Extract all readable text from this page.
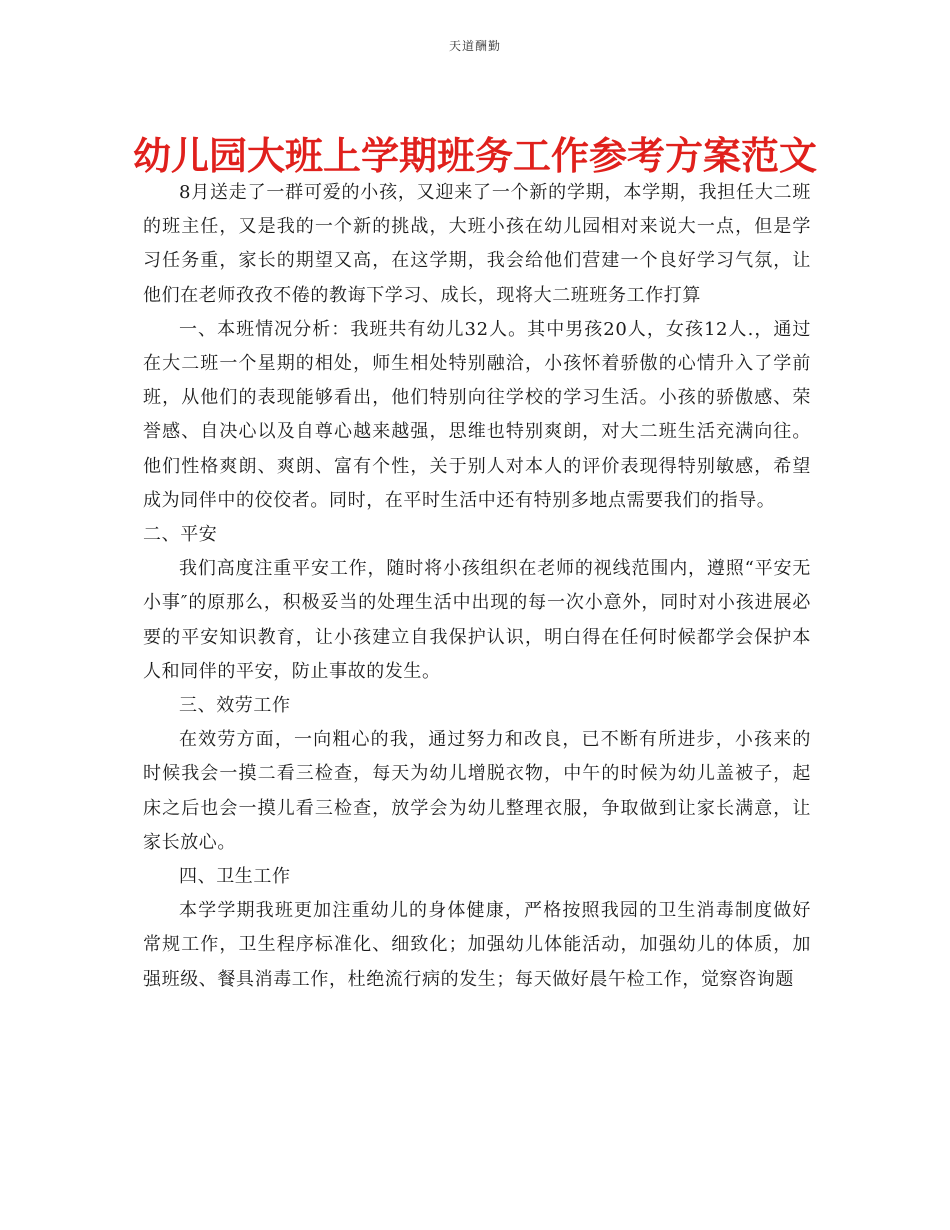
天道酬勤
幼儿园大班上学期班务工作参考方案范文

8月送走了一群可爱的小孩，又迎来了一个新的学期，本学期，我担任大二班的班主任，又是我的一个新的挑战，大班小孩在幼儿园相对来说大一点，但是学习任务重，家长的期望又高，在这学期，我会给他们营建一个良好学习气氛，让他们在老师孜孜不倦的教诲下学习、成长，现将大二班班务工作打算

一、本班情况分析：我班共有幼儿32人。其中男孩20人，女孩12人.，通过在大二班一个星期的相处，师生相处特别融洽，小孩怀着骄傲的心情升入了学前班，从他们的表现能够看出，他们特别向往学校的学习生活。小孩的骄傲感、荣誉感、自决心以及自尊心越来越强，思维也特别爽朗，对大二班生活充满向往。他们性格爽朗、爽朗、富有个性，关于别人对本人的评价表现得特别敏感，希望成为同伴中的佼佼者。同时，在平时生活中还有特别多地点需要我们的指导。

二、平安

我们高度注重平安工作，随时将小孩组织在老师的视线范围内，遵照“平安无小事″的原那么，积极妥当的处理生活中出现的每一次小意外，同时对小孩进展必要的平安知识教育，让小孩建立自我保护认识，明白得在任何时候都学会保护本人和同伴的平安，防止事故的发生。

三、效劳工作

在效劳方面，一向粗心的我，通过努力和改良，已不断有所进步，小孩来的时候我会一摸二看三检查，每天为幼儿增脱衣物，中午的时候为幼儿盖被子，起床之后也会一摸儿看三检查，放学会为幼儿整理衣服，争取做到让家长满意，让家长放心。

四、卫生工作

本学学期我班更加注重幼儿的身体健康，严格按照我园的卫生消毒制度做好常规工作，卫生程序标准化、细致化；加强幼儿体能活动，加强幼儿的体质，加强班级、餐具消毒工作，杜绝流行病的发生；每天做好晨午检工作，觉察咨询题
